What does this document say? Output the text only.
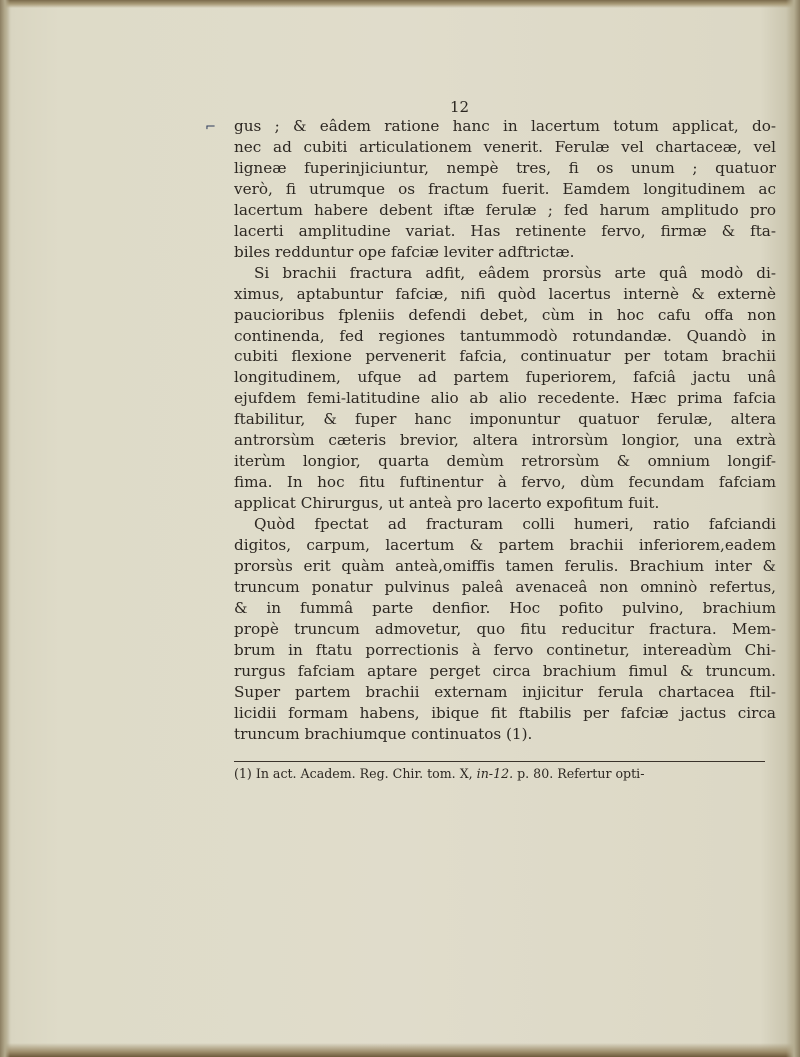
12
⌐ gus ; & eâdem ratione hanc in lacertum totum applicat, do-
nec ad cubiti articulationem venerit. Ferulæ vel chartaceæ, vel
ligneæ fuperinjiciuntur, nempè tres, fi os unum ; quatuor
verò, fi utrumque os fractum fuerit. Eamdem longitudinem ac
lacertum habere debent iftæ ferulæ ; fed harum amplitudo pro
lacerti amplitudine variat. Has retinente fervo, firmæ & fta-
biles redduntur ope fafciæ leviter adftrictæ.
Si brachii fractura adfit, eâdem prorsùs arte quâ modò di-
ximus, aptabuntur fafciæ, nifi quòd lacertus internè & externè
paucioribus fpleniis defendi debet, cùm in hoc cafu offa non
continenda, fed regiones tantummodò rotundandæ. Quandò in
cubiti flexione pervenerit fafcia, continuatur per totam brachii
longitudinem, ufque ad partem fuperiorem, fafciâ jactu unâ
ejufdem femi-latitudine alio ab alio recedente. Hæc prima fafcia
ftabilitur, & fuper hanc imponuntur quatuor ferulæ, altera
antrorsùm cæteris brevior, altera introrsùm longior, una extrà
iterùm longior, quarta demùm retrorsùm & omnium longif-
fima. In hoc fitu fuftinentur à fervo, dùm fecundam fafciam
applicat Chirurgus, ut anteà pro lacerto expofitum fuit.
Quòd fpectat ad fracturam colli humeri, ratio fafciandi
digitos, carpum, lacertum & partem brachii inferiorem,eadem
prorsùs erit quàm anteà,omiffis tamen ferulis. Brachium inter &
truncum ponatur pulvinus paleâ avenaceâ non omninò refertus,
& in fummâ parte denfior. Hoc pofito pulvino, brachium
propè truncum admovetur, quo fitu reducitur fractura. Mem-
brum in ftatu porrectionis à fervo continetur, intereadùm Chi-
rurgus fafciam aptare perget circa brachium fimul & truncum.
Super partem brachii externam injicitur ferula chartacea ftil-
licidii formam habens, ibique fit ftabilis per fafciæ jactus circa
truncum brachiumque continuatos (1).
(1) In act. Academ. Reg. Chir. tom. X, in-12. p. 80. Refertur opti-
